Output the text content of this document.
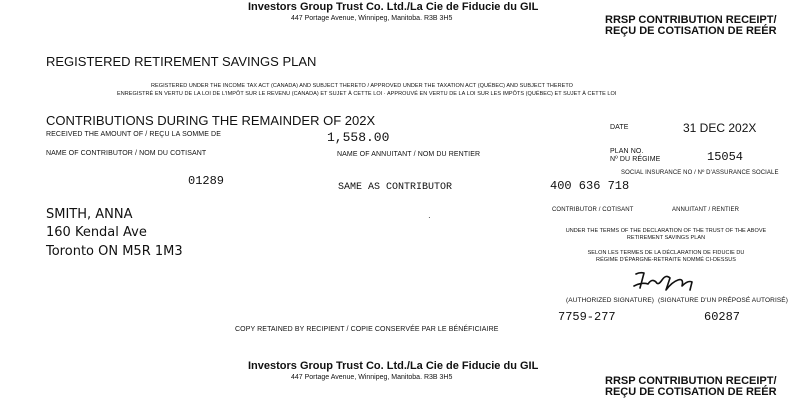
Investors Group Trust Co. Ltd./La Cie de Fiducie du GIL
447 Portage Avenue, Winnipeg, Manitoba. R3B 3H5	RRSP CONTRIBUTION RECEIPT/
REÇU DE COTISATION DE REÉR
REGISTERED RETIREMENT SAVINGS PLAN
REGISTERED UNDER THE INCOME TAX ACT (CANADA) AND SUBJECT THERETO / APPROVED UNDER THE TAXATION ACT (QUÉBEC) AND SUBJECT THERETO
ENREGISTRÉ EN VERTU DE LA LOI DE L'IMPÔT SUR LE REVENU (CANADA) ET SUJET À CETTE LOI · APPROUVÉ EN VERTU DE LA LOI SUR LES IMPÔTS (QUÉBEC) ET SUJET À CETTE LOI
CONTRIBUTIONS DURING THE REMAINDER OF 202X
RECEIVED THE AMOUNT OF / REÇU LA SOMME DE	1,558.00
DATE	31 DEC 202X
NAME OF CONTRIBUTOR / NOM DU COTISANT	NAME OF ANNUITANT / NOM DU RENTIER	PLAN NO.
Nº DU RÉGIME	15054
SOCIAL INSURANCE NO / Nº D'ASSURANCE SOCIALE
01289	SAME AS CONTRIBUTOR	400 636 718
CONTRIBUTOR / COTISANT	ANNUITANT / RENTIER
SMITH, ANNA
160 Kendal Ave
Toronto ON M5R 1M3
·
UNDER THE TERMS OF THE DECLARATION OF THE TRUST OF THE ABOVE
RETIREMENT SAVINGS PLAN
SELON LES TERMES DE LA DÉCLARATION DE FIDUCIE DU
RÉGIME D'ÉPARGNE-RETRAITE NOMMÉ CI-DESSUS
(AUTHORIZED SIGNATURE) (SIGNATURE D'UN PRÉPOSÉ AUTORISÉ)
COPY RETAINED BY RECIPIENT / COPIE CONSERVÉE PAR LE BÉNÉFICIAIRE
7759-277	60287
Investors Group Trust Co. Ltd./La Cie de Fiducie du GIL
447 Portage Avenue, Winnipeg, Manitoba. R3B 3H5	RRSP CONTRIBUTION RECEIPT/
REÇU DE COTISATION DE REÉR
